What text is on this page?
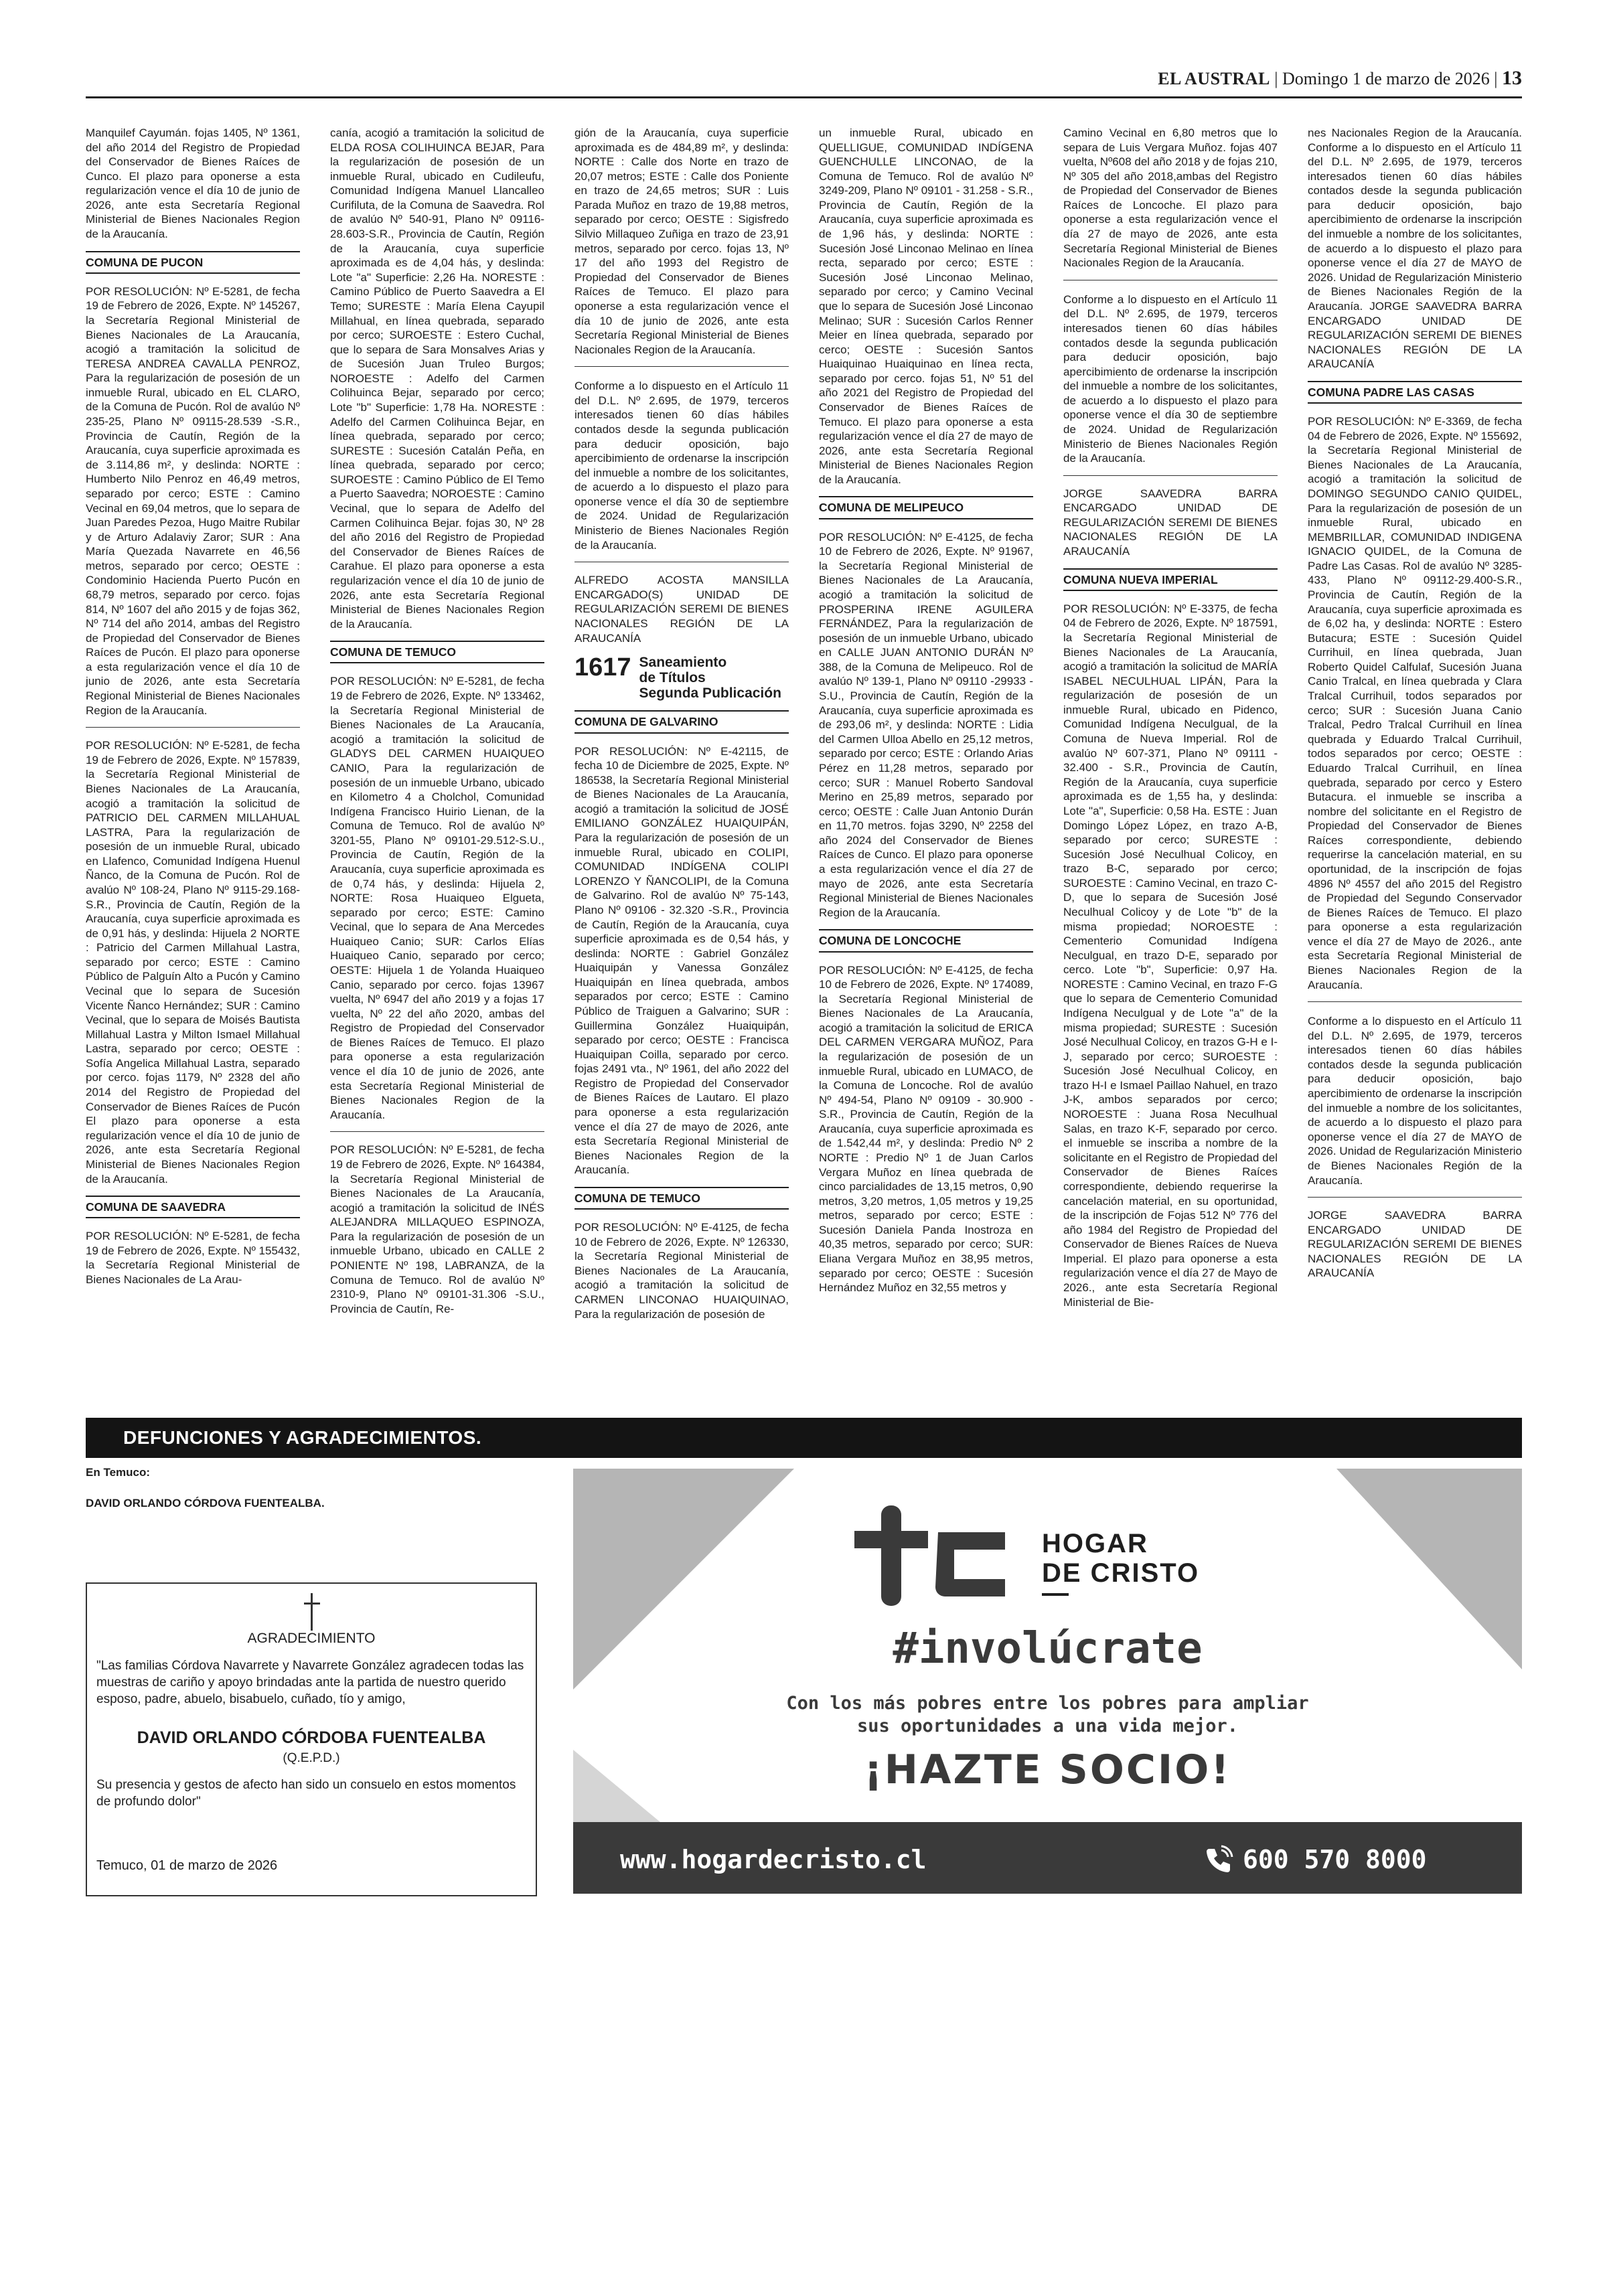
EL AUSTRAL | Domingo 1 de marzo de 2026 | 13

Manquilef Cayumán. fojas 1405, Nº 1361, del año 2014 del Registro de Propiedad del Conservador de Bienes Raíces de Cunco. El plazo para oponerse a esta regularización vence el día 10 de junio de 2026, ante esta Secretaría Regional Ministerial de Bienes Nacionales Region de la Araucanía.

COMUNA DE PUCON

POR RESOLUCIÓN: Nº E-5281, de fecha 19 de Febrero de 2026, Expte. Nº 145267, la Secretaría Regional Ministerial de Bienes Nacionales de La Araucanía, acogió a tramitación la solicitud de TERESA ANDREA CAVALLA PENROZ, Para la regularización de posesión de un inmueble Rural, ubicado en EL CLARO, de la Comuna de Pucón. Rol de avalúo Nº 235-25, Plano Nº 09115-28.539 -S.R., Provincia de Cautín, Región de la Araucanía, cuya superficie aproximada es de 3.114,86 m², y deslinda: NORTE : Humberto Nilo Penroz en 46,49 metros, separado por cerco; ESTE : Camino Vecinal en 69,04 metros, que lo separa de Juan Paredes Pezoa, Hugo Maitre Rubilar y de Arturo Adalaviy Zaror; SUR : Ana María Quezada Navarrete en 46,56 metros, separado por cerco; OESTE : Condominio Hacienda Puerto Pucón en 68,79 metros, separado por cerco. fojas 814, Nº 1607 del año 2015 y de fojas 362, Nº 714 del año 2014, ambas del Registro de Propiedad del Conservador de Bienes Raíces de Pucón. El plazo para oponerse a esta regularización vence el día 10 de junio de 2026, ante esta Secretaría Regional Ministerial de Bienes Nacionales Region de la Araucanía.

POR RESOLUCIÓN: Nº E-5281, de fecha 19 de Febrero de 2026, Expte. Nº 157839, la Secretaría Regional Ministerial de Bienes Nacionales de La Araucanía, acogió a tramitación la solicitud de PATRICIO DEL CARMEN MILLAHUAL LASTRA, Para la regularización de posesión de un inmueble Rural, ubicado en Llafenco, Comunidad Indígena Huenul Ñanco, de la Comuna de Pucón. Rol de avalúo Nº 108-24, Plano Nº 9115-29.168-S.R., Provincia de Cautín, Región de la Araucanía, cuya superficie aproximada es de 0,91 hás, y deslinda: Hijuela 2 NORTE : Patricio del Carmen Millahual Lastra, separado por cerco; ESTE : Camino Público de Palguín Alto a Pucón y Camino Vecinal que lo separa de Sucesión Vicente Ñanco Hernández; SUR : Camino Vecinal, que lo separa de Moisés Bautista Millahual Lastra y Milton Ismael Millahual Lastra, separado por cerco; OESTE : Sofía Angelica Millahual Lastra, separado por cerco. fojas 1179, Nº 2328 del año 2014 del Registro de Propiedad del Conservador de Bienes Raíces de Pucón El plazo para oponerse a esta regularización vence el día 10 de junio de 2026, ante esta Secretaría Regional Ministerial de Bienes Nacionales Region de la Araucanía.

COMUNA DE SAAVEDRA

POR RESOLUCIÓN: Nº E-5281, de fecha 19 de Febrero de 2026, Expte. Nº 155432, la Secretaría Regional Ministerial de Bienes Nacionales de La Arau-

canía, acogió a tramitación la solicitud de ELDA ROSA COLIHUINCA BEJAR, Para la regularización de posesión de un inmueble Rural, ubicado en Cudileufu, Comunidad Indígena Manuel Llancalleo Curifiluta, de la Comuna de Saavedra. Rol de avalúo Nº 540-91, Plano Nº 09116-28.603-S.R., Provincia de Cautín, Región de la Araucanía, cuya superficie aproximada es de 4,04 hás, y deslinda: Lote "a" Superficie: 2,26 Ha. NORESTE : Camino Público de Puerto Saavedra a El Temo; SURESTE : María Elena Cayupil Millahual, en línea quebrada, separado por cerco; SUROESTE : Estero Cuchal, que lo separa de Sara Monsalves Arias y de Sucesión Juan Truleo Burgos; NOROESTE : Adelfo del Carmen Colihuinca Bejar, separado por cerco; Lote "b" Superficie: 1,78 Ha. NORESTE : Adelfo del Carmen Colihuinca Bejar, en línea quebrada, separado por cerco; SURESTE : Sucesión Catalán Peña, en línea quebrada, separado por cerco; SUROESTE : Camino Público de El Temo a Puerto Saavedra; NOROESTE : Camino Vecinal, que lo separa de Adelfo del Carmen Colihuinca Bejar. fojas 30, Nº 28 del año 2016 del Registro de Propiedad del Conservador de Bienes Raíces de Carahue. El plazo para oponerse a esta regularización vence el día 10 de junio de 2026, ante esta Secretaría Regional Ministerial de Bienes Nacionales Region de la Araucanía.

COMUNA DE TEMUCO

POR RESOLUCIÓN: Nº E-5281, de fecha 19 de Febrero de 2026, Expte. Nº 133462, la Secretaría Regional Ministerial de Bienes Nacionales de La Araucanía, acogió a tramitación la solicitud de GLADYS DEL CARMEN HUAIQUEO CANIO, Para la regularización de posesión de un inmueble Urbano, ubicado en Kilometro 4 a Cholchol, Comunidad Indígena Francisco Huirio Lienan, de la Comuna de Temuco. Rol de avalúo Nº 3201-55, Plano Nº 09101-29.512-S.U., Provincia de Cautín, Región de la Araucanía, cuya superficie aproximada es de 0,74 hás, y deslinda: Hijuela 2, NORTE: Rosa Huaiqueo Elgueta, separado por cerco; ESTE: Camino Vecinal, que lo separa de Ana Mercedes Huaiqueo Canio; SUR: Carlos Elías Huaiqueo Canio, separado por cerco; OESTE: Hijuela 1 de Yolanda Huaiqueo Canio, separado por cerco. fojas 13967 vuelta, Nº 6947 del año 2019 y a fojas 17 vuelta, Nº 22 del año 2020, ambas del Registro de Propiedad del Conservador de Bienes Raíces de Temuco. El plazo para oponerse a esta regularización vence el día 10 de junio de 2026, ante esta Secretaría Regional Ministerial de Bienes Nacionales Region de la Araucanía.

POR RESOLUCIÓN: Nº E-5281, de fecha 19 de Febrero de 2026, Expte. Nº 164384, la Secretaría Regional Ministerial de Bienes Nacionales de La Araucanía, acogió a tramitación la solicitud de INÉS ALEJANDRA MILLAQUEO ESPINOZA, Para la regularización de posesión de un inmueble Urbano, ubicado en CALLE 2 PONIENTE Nº 198, LABRANZA, de la Comuna de Temuco. Rol de avalúo Nº 2310-9, Plano Nº 09101-31.306 -S.U., Provincia de Cautín, Re-

gión de la Araucanía, cuya superficie aproximada es de 484,89 m², y deslinda: NORTE : Calle dos Norte en trazo de 20,07 metros; ESTE : Calle dos Poniente en trazo de 24,65 metros; SUR : Luis Parada Muñoz en trazo de 19,88 metros, separado por cerco; OESTE : Sigisfredo Silvio Millaqueo Zuñiga en trazo de 23,91 metros, separado por cerco. fojas 13, Nº 17 del año 1993 del Registro de Propiedad del Conservador de Bienes Raíces de Temuco. El plazo para oponerse a esta regularización vence el día 10 de junio de 2026, ante esta Secretaría Regional Ministerial de Bienes Nacionales Region de la Araucanía.

Conforme a lo dispuesto en el Artículo 11 del D.L. Nº 2.695, de 1979, terceros interesados tienen 60 días hábiles contados desde la segunda publicación para deducir oposición, bajo apercibimiento de ordenarse la inscripción del inmueble a nombre de los solicitantes, de acuerdo a lo dispuesto el plazo para oponerse vence el día 30 de septiembre de 2024. Unidad de Regularización Ministerio de Bienes Nacionales Región de la Araucanía.

ALFREDO ACOSTA MANSILLA ENCARGADO(S) UNIDAD DE REGULARIZACIÓN SEREMI DE BIENES NACIONALES REGIÓN DE LA ARAUCANÍA

1617 Saneamiento
de Títulos
Segunda Publicación
COMUNA DE GALVARINO

POR RESOLUCIÓN: Nº E-42115, de fecha 10 de Diciembre de 2025, Expte. Nº 186538, la Secretaría Regional Ministerial de Bienes Nacionales de La Araucanía, acogió a tramitación la solicitud de JOSÉ EMILIANO GONZÁLEZ HUAIQUIPÁN, Para la regularización de posesión de un inmueble Rural, ubicado en COLIPI, COMUNIDAD INDÍGENA COLIPI LORENZO Y ÑANCOLIPI, de la Comuna de Galvarino. Rol de avalúo Nº 75-143, Plano Nº 09106 - 32.320 -S.R., Provincia de Cautín, Región de la Araucanía, cuya superficie aproximada es de 0,54 hás, y deslinda: NORTE : Gabriel González Huaiquipán y Vanessa González Huaiquipán en línea quebrada, ambos separados por cerco; ESTE : Camino Público de Traiguen a Galvarino; SUR : Guillermina González Huaiquipán, separado por cerco; OESTE : Francisca Huaiquipan Coilla, separado por cerco. fojas 2491 vta., Nº 1961, del año 2022 del Registro de Propiedad del Conservador de Bienes Raíces de Lautaro. El plazo para oponerse a esta regularización vence el día 27 de mayo de 2026, ante esta Secretaría Regional Ministerial de Bienes Nacionales Region de la Araucanía.

COMUNA DE TEMUCO

POR RESOLUCIÓN: Nº E-4125, de fecha 10 de Febrero de 2026, Expte. Nº 126330, la Secretaría Regional Ministerial de Bienes Nacionales de La Araucanía, acogió a tramitación la solicitud de CARMEN LINCONAO HUAIQUINAO, Para la regularización de posesión de

un inmueble Rural, ubicado en QUELLIGUE, COMUNIDAD INDÍGENA GUENCHULLE LINCONAO, de la Comuna de Temuco. Rol de avalúo Nº 3249-209, Plano Nº 09101 - 31.258 - S.R., Provincia de Cautín, Región de la Araucanía, cuya superficie aproximada es de 1,96 hás, y deslinda: NORTE : Sucesión José Linconao Melinao en línea recta, separado por cerco; ESTE : Sucesión José Linconao Melinao, separado por cerco; y Camino Vecinal que lo separa de Sucesión José Linconao Melinao; SUR : Sucesión Carlos Renner Meier en línea quebrada, separado por cerco; OESTE : Sucesión Santos Huaiquinao Huaiquinao en línea recta, separado por cerco. fojas 51, Nº 51 del año 2021 del Registro de Propiedad del Conservador de Bienes Raíces de Temuco. El plazo para oponerse a esta regularización vence el día 27 de mayo de 2026, ante esta Secretaría Regional Ministerial de Bienes Nacionales Region de la Araucanía.

COMUNA DE MELIPEUCO

POR RESOLUCIÓN: Nº E-4125, de fecha 10 de Febrero de 2026, Expte. Nº 91967, la Secretaría Regional Ministerial de Bienes Nacionales de La Araucanía, acogió a tramitación la solicitud de PROSPERINA IRENE AGUILERA FERNÁNDEZ, Para la regularización de posesión de un inmueble Urbano, ubicado en CALLE JUAN ANTONIO DURÁN Nº 388, de la Comuna de Melipeuco. Rol de avalúo Nº 139-1, Plano Nº 09110 -29933 - S.U., Provincia de Cautín, Región de la Araucanía, cuya superficie aproximada es de 293,06 m², y deslinda: NORTE : Lidia del Carmen Ulloa Abello en 25,12 metros, separado por cerco; ESTE : Orlando Arias Pérez en 11,28 metros, separado por cerco; SUR : Manuel Roberto Sandoval Merino en 25,89 metros, separado por cerco; OESTE : Calle Juan Antonio Durán en 11,70 metros. fojas 3290, Nº 2258 del año 2024 del Conservador de Bienes Raíces de Cunco. El plazo para oponerse a esta regularización vence el día 27 de mayo de 2026, ante esta Secretaría Regional Ministerial de Bienes Nacionales Region de la Araucanía.

COMUNA DE LONCOCHE

POR RESOLUCIÓN: Nº E-4125, de fecha 10 de Febrero de 2026, Expte. Nº 174089, la Secretaría Regional Ministerial de Bienes Nacionales de La Araucanía, acogió a tramitación la solicitud de ERICA DEL CARMEN VERGARA MUÑOZ, Para la regularización de posesión de un inmueble Rural, ubicado en LUMACO, de la Comuna de Loncoche. Rol de avalúo Nº 494-54, Plano Nº 09109 - 30.900 - S.R., Provincia de Cautín, Región de la Araucanía, cuya superficie aproximada es de 1.542,44 m², y deslinda: Predio Nº 2 NORTE : Predio Nº 1 de Juan Carlos Vergara Muñoz en línea quebrada de cinco parcialidades de 13,15 metros, 0,90 metros, 3,20 metros, 1,05 metros y 19,25 metros, separado por cerco; ESTE : Sucesión Daniela Panda Inostroza en 40,35 metros, separado por cerco; SUR: Eliana Vergara Muñoz en 38,95 metros, separado por cerco; OESTE : Sucesión Hernández Muñoz en 32,55 metros y

Camino Vecinal en 6,80 metros que lo separa de Luis Vergara Muñoz. fojas 407 vuelta, Nº608 del año 2018 y de fojas 210, Nº 305 del año 2018,ambas del Registro de Propiedad del Conservador de Bienes Raíces de Loncoche. El plazo para oponerse a esta regularización vence el día 27 de mayo de 2026, ante esta Secretaría Regional Ministerial de Bienes Nacionales Region de la Araucanía.

Conforme a lo dispuesto en el Artículo 11 del D.L. Nº 2.695, de 1979, terceros interesados tienen 60 días hábiles contados desde la segunda publicación para deducir oposición, bajo apercibimiento de ordenarse la inscripción del inmueble a nombre de los solicitantes, de acuerdo a lo dispuesto el plazo para oponerse vence el día 30 de septiembre de 2024. Unidad de Regularización Ministerio de Bienes Nacionales Región de la Araucanía.

JORGE SAAVEDRA BARRA ENCARGADO UNIDAD DE REGULARIZACIÓN SEREMI DE BIENES NACIONALES REGIÓN DE LA ARAUCANÍA

COMUNA NUEVA IMPERIAL

POR RESOLUCIÓN: Nº E-3375, de fecha 04 de Febrero de 2026, Expte. Nº 187591, la Secretaría Regional Ministerial de Bienes Nacionales de La Araucanía, acogió a tramitación la solicitud de MARÍA ISABEL NECULHUAL LIPÁN, Para la regularización de posesión de un inmueble Rural, ubicado en Pidenco, Comunidad Indígena Neculgual, de la Comuna de Nueva Imperial. Rol de avalúo Nº 607-371, Plano Nº 09111 - 32.400 - S.R., Provincia de Cautín, Región de la Araucanía, cuya superficie aproximada es de 1,55 ha, y deslinda: Lote "a", Superficie: 0,58 Ha. ESTE : Juan Domingo López López, en trazo A-B, separado por cerco; SURESTE : Sucesión José Neculhual Colicoy, en trazo B-C, separado por cerco; SUROESTE : Camino Vecinal, en trazo C-D, que lo separa de Sucesión José Neculhual Colicoy y de Lote "b" de la misma propiedad; NOROESTE : Cementerio Comunidad Indígena Neculgual, en trazo D-E, separado por cerco. Lote "b", Superficie: 0,97 Ha. NORESTE : Camino Vecinal, en trazo F-G que lo separa de Cementerio Comunidad Indígena Neculgual y de Lote "a" de la misma propiedad; SURESTE : Sucesión José Neculhual Colicoy, en trazos G-H e I-J, separado por cerco; SUROESTE : Sucesión José Neculhual Colicoy, en trazo H-I e Ismael Paillao Nahuel, en trazo J-K, ambos separados por cerco; NOROESTE : Juana Rosa Neculhual Salas, en trazo K-F, separado por cerco. el inmueble se inscriba a nombre de la solicitante en el Registro de Propiedad del Conservador de Bienes Raíces correspondiente, debiendo requerirse la cancelación material, en su oportunidad, de la inscripción de Fojas 512 Nº 776 del año 1984 del Registro de Propiedad del Conservador de Bienes Raíces de Nueva Imperial. El plazo para oponerse a esta regularización vence el día 27 de Mayo de 2026., ante esta Secretaría Regional Ministerial de Bie-

nes Nacionales Region de la Araucanía. Conforme a lo dispuesto en el Artículo 11 del D.L. Nº 2.695, de 1979, terceros interesados tienen 60 días hábiles contados desde la segunda publicación para deducir oposición, bajo apercibimiento de ordenarse la inscripción del inmueble a nombre de los solicitantes, de acuerdo a lo dispuesto el plazo para oponerse vence el día 27 de MAYO de 2026. Unidad de Regularización Ministerio de Bienes Nacionales Región de la Araucanía. JORGE SAAVEDRA BARRA ENCARGADO UNIDAD DE REGULARIZACIÓN SEREMI DE BIENES NACIONALES REGIÓN DE LA ARAUCANÍA

COMUNA PADRE LAS CASAS

POR RESOLUCIÓN: Nº E-3369, de fecha 04 de Febrero de 2026, Expte. Nº 155692, la Secretaría Regional Ministerial de Bienes Nacionales de La Araucanía, acogió a tramitación la solicitud de DOMINGO SEGUNDO CANIO QUIDEL, Para la regularización de posesión de un inmueble Rural, ubicado en MEMBRILLAR, COMUNIDAD INDIGENA IGNACIO QUIDEL, de la Comuna de Padre Las Casas. Rol de avalúo Nº 3285-433, Plano Nº 09112-29.400-S.R., Provincia de Cautín, Región de la Araucanía, cuya superficie aproximada es de 6,02 ha, y deslinda: NORTE : Estero Butacura; ESTE : Sucesión Quidel Currihuil, en línea quebrada, Juan Roberto Quidel Calfulaf, Sucesión Juana Canio Tralcal, en línea quebrada y Clara Tralcal Currihuil, todos separados por cerco; SUR : Sucesión Juana Canio Tralcal, Pedro Tralcal Currihuil en línea quebrada y Eduardo Tralcal Currihuil, todos separados por cerco; OESTE : Eduardo Tralcal Currihuil, en línea quebrada, separado por cerco y Estero Butacura. el inmueble se inscriba a nombre del solicitante en el Registro de Propiedad del Conservador de Bienes Raíces correspondiente, debiendo requerirse la cancelación material, en su oportunidad, de la inscripción de fojas 4896 Nº 4557 del año 2015 del Registro de Propiedad del Segundo Conservador de Bienes Raíces de Temuco. El plazo para oponerse a esta regularización vence el día 27 de Mayo de 2026., ante esta Secretaría Regional Ministerial de Bienes Nacionales Region de la Araucanía.

Conforme a lo dispuesto en el Artículo 11 del D.L. Nº 2.695, de 1979, terceros interesados tienen 60 días hábiles contados desde la segunda publicación para deducir oposición, bajo apercibimiento de ordenarse la inscripción del inmueble a nombre de los solicitantes, de acuerdo a lo dispuesto el plazo para oponerse vence el día 27 de MAYO de 2026. Unidad de Regularización Ministerio de Bienes Nacionales Región de la Araucanía.

JORGE SAAVEDRA BARRA ENCARGADO UNIDAD DE REGULARIZACIÓN SEREMI DE BIENES NACIONALES REGIÓN DE LA ARAUCANÍA

DEFUNCIONES Y AGRADECIMIENTOS.
En Temuco:
DAVID ORLANDO CÓRDOVA FUENTEALBA.
AGRADECIMIENTO
"Las familias Córdova Navarrete y Navarrete González agradecen todas las muestras de cariño y apoyo brindadas ante la partida de nuestro querido esposo, padre, abuelo, bisabuelo, cuñado, tío y amigo,
DAVID ORLANDO CÓRDOBA FUENTEALBA
(Q.E.P.D.)
Su presencia y gestos de afecto han sido un consuelo en estos momentos de profundo dolor"
Temuco, 01 de marzo de 2026
HOGAR
DE CRISTO
#involúcrate
Con los más pobres entre los pobres para ampliar
sus oportunidades a una vida mejor.
¡HAZTE SOCIO!
www.hogardecristo.cl	600 570 8000
